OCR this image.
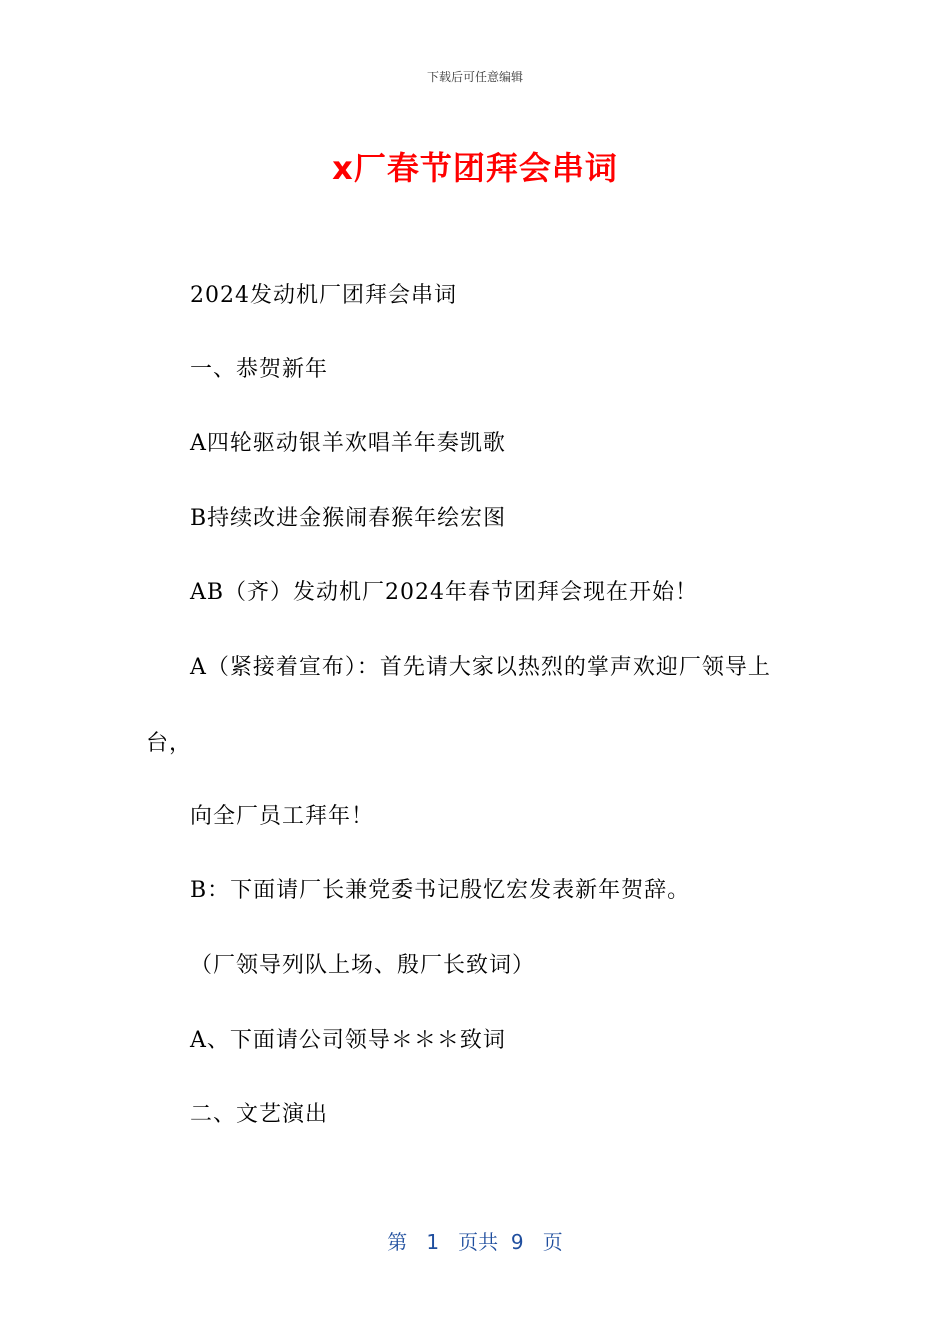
下载后可任意编辑
x厂春节团拜会串词
2024发动机厂团拜会串词
一、恭贺新年
A四轮驱动银羊欢唱羊年奏凯歌
B持续改进金猴闹春猴年绘宏图
AB（齐）发动机厂2024年春节团拜会现在开始！
A（紧接着宣布）：首先请大家以热烈的掌声欢迎厂领导上
台，
向全厂员工拜年！
B：下面请厂长兼党委书记殷忆宏发表新年贺辞。
（厂领导列队上场、殷厂长致词）
A、下面请公司领导＊＊＊致词
二、文艺演出
第 1 页共 9 页
